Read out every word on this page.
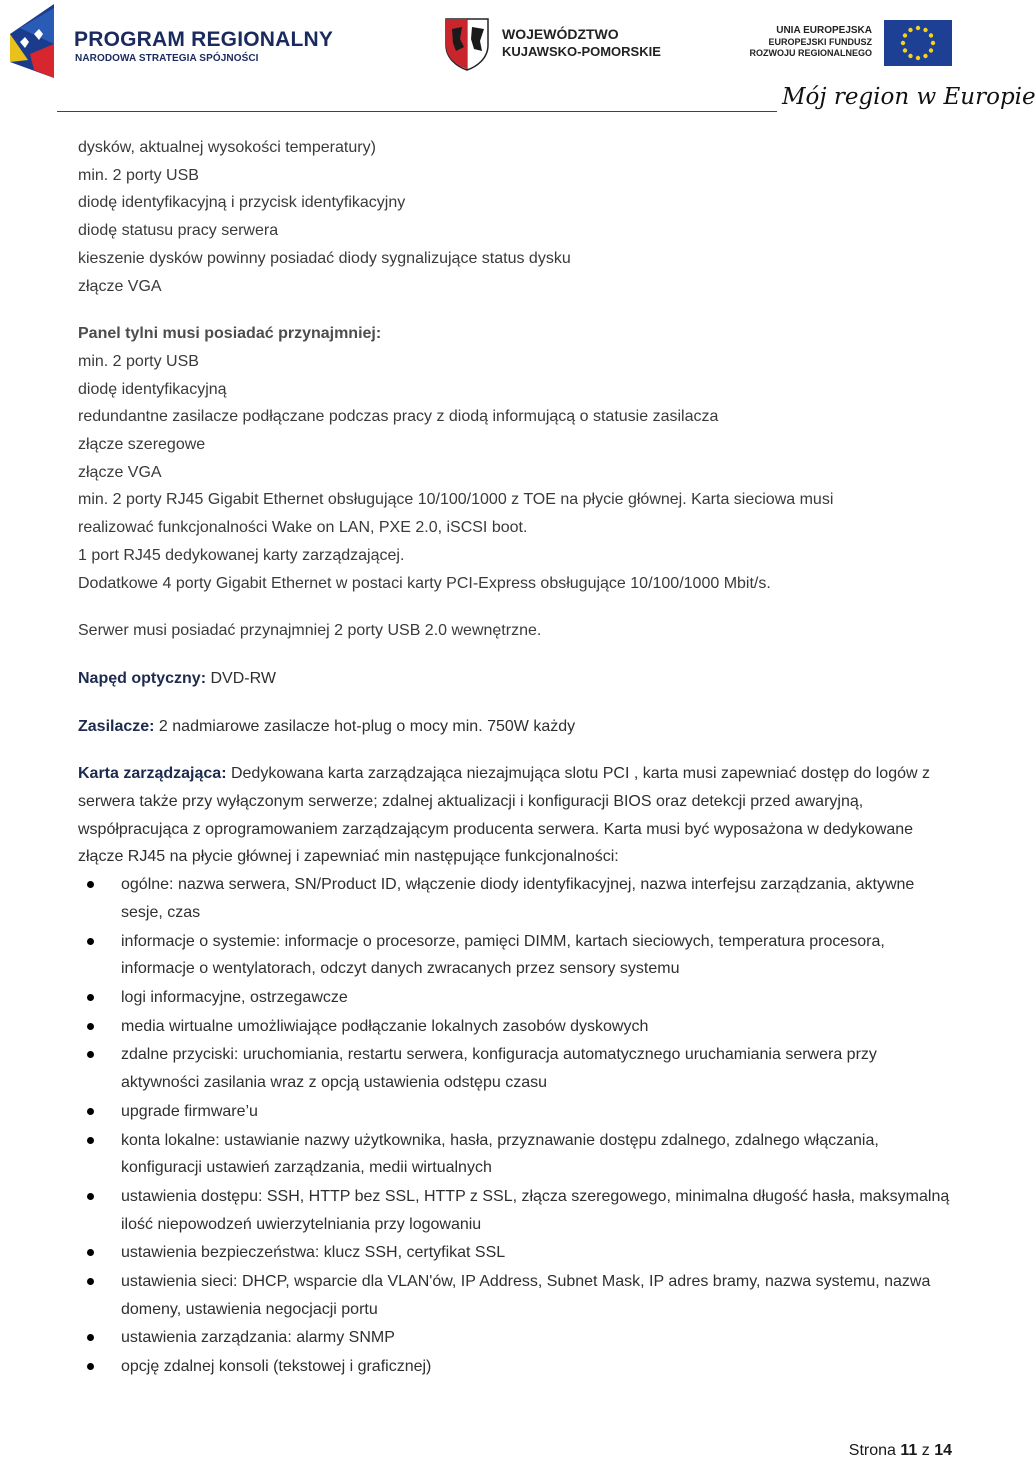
PROGRAM REGIONALNY
NARODOWA STRATEGIA SPÓJNOŚCI
WOJEWÓDZTWO
KUJAWSKO-POMORSKIE
UNIA EUROPEJSKA
EUROPEJSKI FUNDUSZ
ROZWOJU REGIONALNEGO
Mój region w Europie
dysków, aktualnej wysokości temperatury)
min. 2 porty USB
diodę identyfikacyjną i przycisk identyfikacyjny
diodę statusu pracy serwera
kieszenie dysków powinny posiadać diody sygnalizujące status dysku
złącze VGA
Panel tylni musi posiadać przynajmniej:
min. 2 porty USB
diodę identyfikacyjną
redundantne zasilacze podłączane podczas pracy z diodą informującą o statusie zasilacza
złącze szeregowe
złącze VGA
min. 2 porty RJ45 Gigabit Ethernet obsługujące 10/100/1000 z TOE na płycie głównej. Karta sieciowa musi
realizować funkcjonalności Wake on LAN, PXE 2.0, iSCSI boot.
1 port RJ45 dedykowanej karty zarządzającej.
Dodatkowe 4 porty Gigabit Ethernet w postaci karty PCI-Express obsługujące 10/100/1000 Mbit/s.
Serwer musi posiadać przynajmniej 2 porty USB 2.0 wewnętrzne.
Napęd optyczny: DVD-RW
Zasilacze: 2 nadmiarowe zasilacze hot-plug o mocy min. 750W każdy
Karta zarządzająca: Dedykowana karta zarządzająca niezajmująca slotu PCI , karta musi zapewniać dostęp do logów z serwera także przy wyłączonym serwerze; zdalnej aktualizacji i konfiguracji BIOS oraz detekcji przed awaryjną, współpracująca z oprogramowaniem zarządzającym producenta serwera. Karta musi być wyposażona w dedykowane złącze RJ45 na płycie głównej i zapewniać min następujące funkcjonalności:
ogólne: nazwa serwera, SN/Product ID, włączenie diody identyfikacyjnej, nazwa interfejsu zarządzania, aktywne sesje, czas
informacje o systemie: informacje o procesorze, pamięci DIMM, kartach sieciowych, temperatura procesora, informacje o wentylatorach, odczyt danych zwracanych przez sensory systemu
logi informacyjne, ostrzegawcze
media wirtualne umożliwiające podłączanie lokalnych zasobów dyskowych
zdalne przyciski: uruchomiania, restartu serwera, konfiguracja automatycznego uruchamiania serwera przy aktywności zasilania wraz z opcją ustawienia odstępu czasu
upgrade firmware’u
konta lokalne: ustawianie nazwy użytkownika, hasła, przyznawanie dostępu zdalnego, zdalnego włączania, konfiguracji ustawień zarządzania, medii wirtualnych
ustawienia dostępu: SSH, HTTP bez SSL, HTTP z SSL, złącza szeregowego, minimalna długość hasła, maksymalną ilość niepowodzeń uwierzytelniania przy logowaniu
ustawienia bezpieczeństwa: klucz SSH, certyfikat SSL
ustawienia sieci: DHCP, wsparcie dla VLAN'ów, IP Address, Subnet Mask, IP adres bramy, nazwa systemu, nazwa domeny, ustawienia negocjacji portu
ustawienia zarządzania: alarmy SNMP
opcję zdalnej konsoli (tekstowej i graficznej)
Strona 11 z 14
